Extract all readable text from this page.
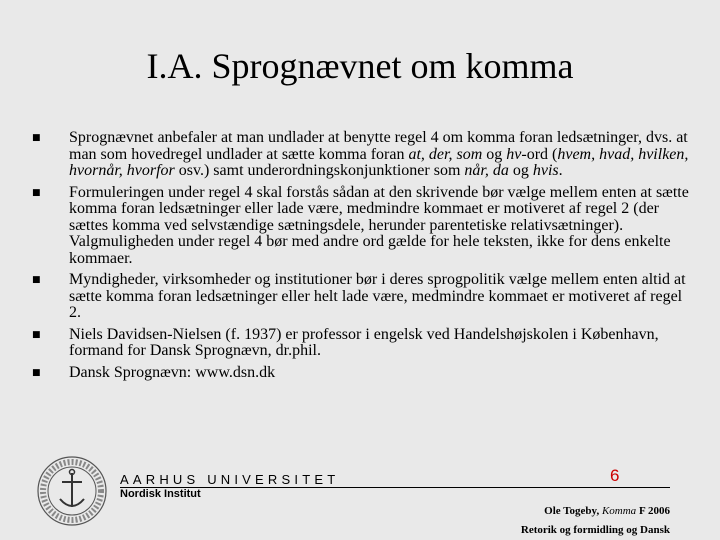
I.A. Sprognævnet om komma
■ Sprognævnet anbefaler at man undlader at benytte regel 4 om komma foran ledsætninger, dvs. at man som hovedregel undlader at sætte komma foran at, der, som og hv-ord (hvem, hvad, hvilken, hvornår, hvorfor osv.) samt underordningskonjunktioner som når, da og hvis.
■ Formuleringen under regel 4 skal forstås sådan at den skrivende bør vælge mellem enten at sætte komma foran ledsætninger eller lade være, medmindre kommaet er motiveret af regel 2 (der sættes komma ved selvstændige sætningsdele, herunder parentetiske relativsætninger). Valgmuligheden under regel 4 bør med andre ord gælde for hele teksten, ikke for dens enkelte kommaer.
■ Myndigheder, virksomheder og institutioner bør i deres sprogpolitik vælge mellem enten altid at sætte komma foran ledsætninger eller helt lade være, medmindre kommaet er motiveret af regel 2.
■ Niels Davidsen-Nielsen (f. 1937) er professor i engelsk ved Handelshøjskolen i København, formand for Dansk Sprognævn, dr.phil.
■ Dansk Sprognævn: www.dsn.dk
AARHUS UNIVERSITET
Nordisk Institut
6
Ole Togeby, Komma F 2006
Retorik og formidling og Dansk
